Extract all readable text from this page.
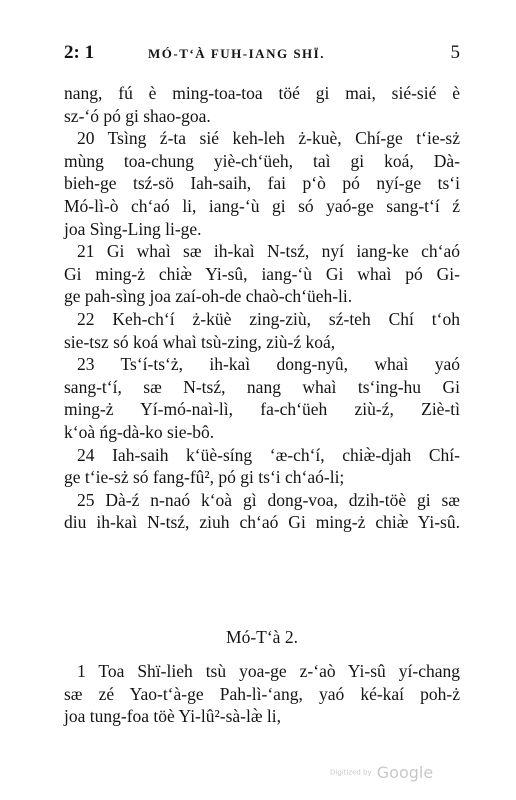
2: 1	MÓ-T‘À FUH-IANG SHÏ.	5
nang, fú è ming-toa-toa töé gi mai, sié-sié è
sz-‘ó pó gi shao-goa.
20 Tsìng ź-ta sié keh-leh ż-kuè, Chí-ge t‘ie-sż
mùng toa-chung yiè-ch‘üeh, taì gi koá, Dà-
bieh-ge tsź-sö Iah-saih, fai p‘ò pó nyí-ge ts‘i
Mó-lì-ò ch‘aó li, iang-‘ù gi só yaó-ge sang-t‘í ź
joa Sìng-Ling li-ge.
21 Gi whaì sæ ih-kaì N-tsź, nyí iang-ke ch‘aó
Gi ming-ż chiæ̀ Yi-sû, iang-‘ù Gi whaì pó Gi-
ge pah-sìng joa zaí-oh-de chaò-ch‘üeh-li.
22 Keh-ch‘í ż-küè zing-ziù, sź-teh Chí t‘oh
sie-tsz só koá whaì tsù-zing, ziù-ź koá,
23 Ts‘í-ts‘ż, ih-kaì dong-nyû, whaì yaó
sang-t‘í, sæ N-tsź, nang whaì ts‘ing-hu Gi
ming-ż Yí-mó-naì-lì, fa-ch‘üeh ziù-ź, Ziè-tì
k‘oà ńg-dà-ko sie-bô.
24 Iah-saih k‘üè-síng ‘æ-ch‘í, chiæ̀-djah Chí-
ge t‘ie-sż só fang-fû², pó gi ts‘i ch‘aó-li;
25 Dà-ź n-naó k‘oà gì dong-voa, dzih-töè gi sæ
diu ih-kaì N-tsź, ziuh ch‘aó Gi ming-ż chiæ̀ Yi-sû.
Mó-T‘à 2.
1 Toa Shï-lieh tsù yoa-ge z-‘aò Yi-sû yí-chang
sæ zé Yao-t‘à-ge Pah-lì-‘ang, yaó ké-kaí poh-ż
joa tung-foa töè Yi-lû²-sà-læ̀ li,
Digitized by Google
